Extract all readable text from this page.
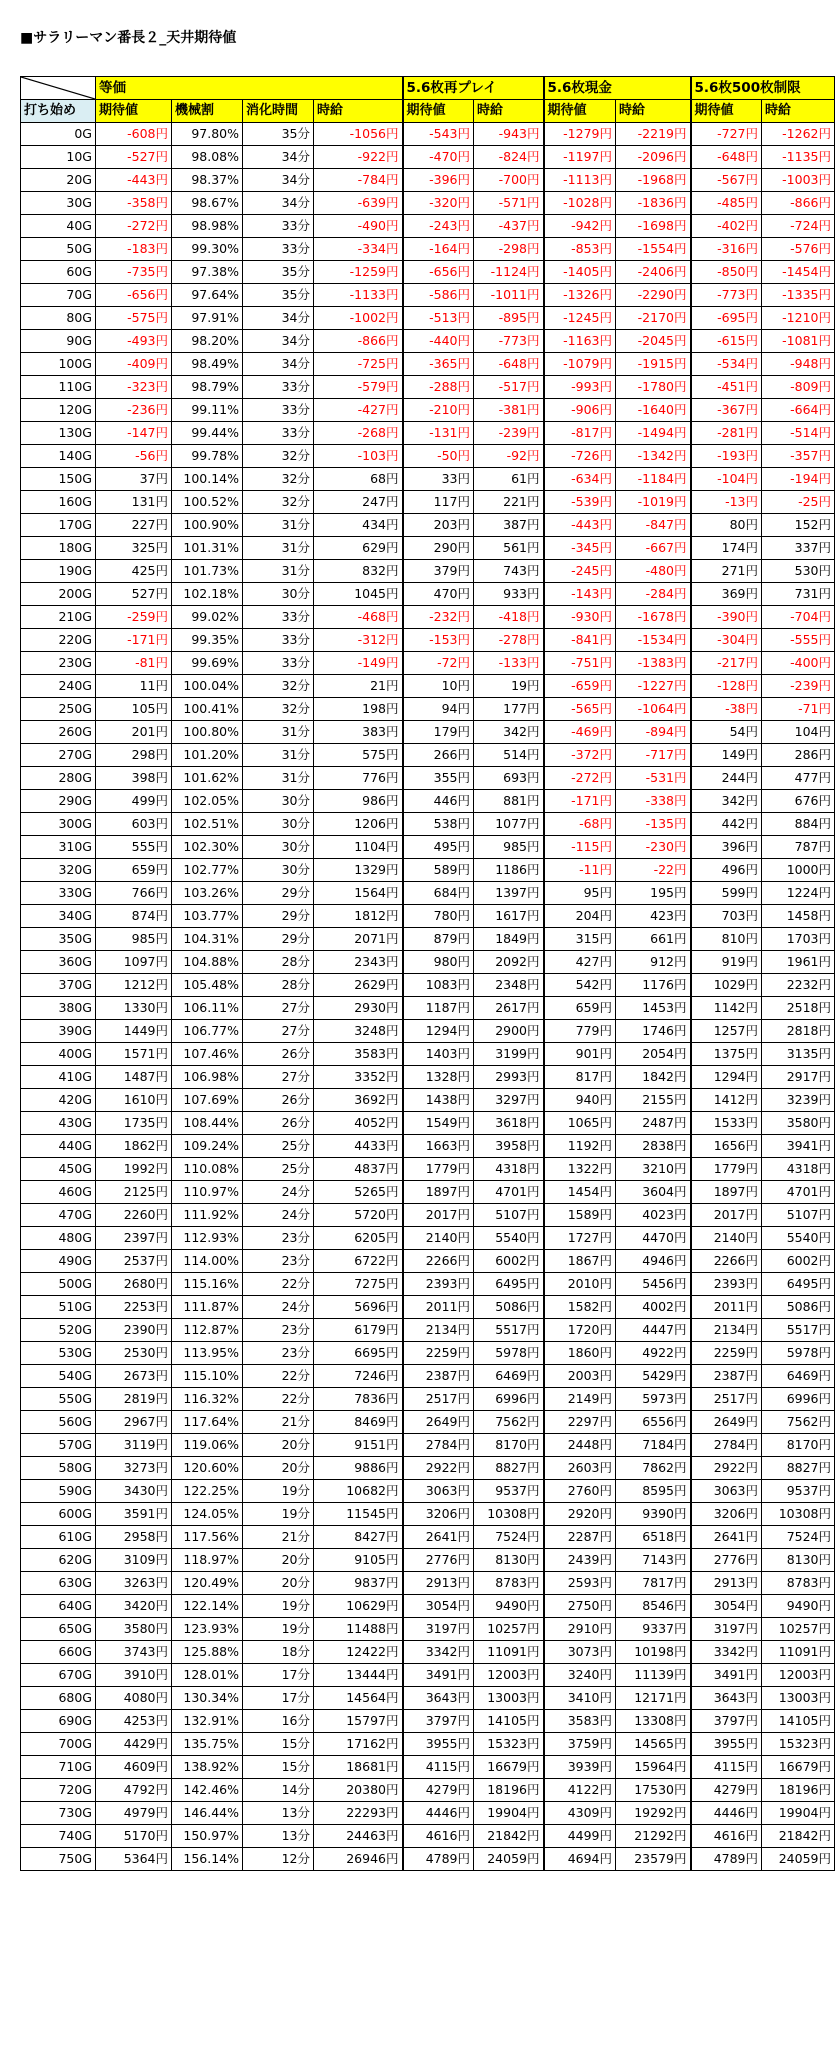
■サラリーマン番長２_天井期待値
	等価				5.6枚再プレイ		5.6枚現金		5.6枚500枚制限	
打ち始め	期待値	機械割	消化時間	時給	期待値	時給	期待値	時給	期待値	時給
0G	-608円	97.80%	35分	-1056円	-543円	-943円	-1279円	-2219円	-727円	-1262円
10G	-527円	98.08%	34分	-922円	-470円	-824円	-1197円	-2096円	-648円	-1135円
20G	-443円	98.37%	34分	-784円	-396円	-700円	-1113円	-1968円	-567円	-1003円
30G	-358円	98.67%	34分	-639円	-320円	-571円	-1028円	-1836円	-485円	-866円
40G	-272円	98.98%	33分	-490円	-243円	-437円	-942円	-1698円	-402円	-724円
50G	-183円	99.30%	33分	-334円	-164円	-298円	-853円	-1554円	-316円	-576円
60G	-735円	97.38%	35分	-1259円	-656円	-1124円	-1405円	-2406円	-850円	-1454円
70G	-656円	97.64%	35分	-1133円	-586円	-1011円	-1326円	-2290円	-773円	-1335円
80G	-575円	97.91%	34分	-1002円	-513円	-895円	-1245円	-2170円	-695円	-1210円
90G	-493円	98.20%	34分	-866円	-440円	-773円	-1163円	-2045円	-615円	-1081円
100G	-409円	98.49%	34分	-725円	-365円	-648円	-1079円	-1915円	-534円	-948円
110G	-323円	98.79%	33分	-579円	-288円	-517円	-993円	-1780円	-451円	-809円
120G	-236円	99.11%	33分	-427円	-210円	-381円	-906円	-1640円	-367円	-664円
130G	-147円	99.44%	33分	-268円	-131円	-239円	-817円	-1494円	-281円	-514円
140G	-56円	99.78%	32分	-103円	-50円	-92円	-726円	-1342円	-193円	-357円
150G	37円	100.14%	32分	68円	33円	61円	-634円	-1184円	-104円	-194円
160G	131円	100.52%	32分	247円	117円	221円	-539円	-1019円	-13円	-25円
170G	227円	100.90%	31分	434円	203円	387円	-443円	-847円	80円	152円
180G	325円	101.31%	31分	629円	290円	561円	-345円	-667円	174円	337円
190G	425円	101.73%	31分	832円	379円	743円	-245円	-480円	271円	530円
200G	527円	102.18%	30分	1045円	470円	933円	-143円	-284円	369円	731円
210G	-259円	99.02%	33分	-468円	-232円	-418円	-930円	-1678円	-390円	-704円
220G	-171円	99.35%	33分	-312円	-153円	-278円	-841円	-1534円	-304円	-555円
230G	-81円	99.69%	33分	-149円	-72円	-133円	-751円	-1383円	-217円	-400円
240G	11円	100.04%	32分	21円	10円	19円	-659円	-1227円	-128円	-239円
250G	105円	100.41%	32分	198円	94円	177円	-565円	-1064円	-38円	-71円
260G	201円	100.80%	31分	383円	179円	342円	-469円	-894円	54円	104円
270G	298円	101.20%	31分	575円	266円	514円	-372円	-717円	149円	286円
280G	398円	101.62%	31分	776円	355円	693円	-272円	-531円	244円	477円
290G	499円	102.05%	30分	986円	446円	881円	-171円	-338円	342円	676円
300G	603円	102.51%	30分	1206円	538円	1077円	-68円	-135円	442円	884円
310G	555円	102.30%	30分	1104円	495円	985円	-115円	-230円	396円	787円
320G	659円	102.77%	30分	1329円	589円	1186円	-11円	-22円	496円	1000円
330G	766円	103.26%	29分	1564円	684円	1397円	95円	195円	599円	1224円
340G	874円	103.77%	29分	1812円	780円	1617円	204円	423円	703円	1458円
350G	985円	104.31%	29分	2071円	879円	1849円	315円	661円	810円	1703円
360G	1097円	104.88%	28分	2343円	980円	2092円	427円	912円	919円	1961円
370G	1212円	105.48%	28分	2629円	1083円	2348円	542円	1176円	1029円	2232円
380G	1330円	106.11%	27分	2930円	1187円	2617円	659円	1453円	1142円	2518円
390G	1449円	106.77%	27分	3248円	1294円	2900円	779円	1746円	1257円	2818円
400G	1571円	107.46%	26分	3583円	1403円	3199円	901円	2054円	1375円	3135円
410G	1487円	106.98%	27分	3352円	1328円	2993円	817円	1842円	1294円	2917円
420G	1610円	107.69%	26分	3692円	1438円	3297円	940円	2155円	1412円	3239円
430G	1735円	108.44%	26分	4052円	1549円	3618円	1065円	2487円	1533円	3580円
440G	1862円	109.24%	25分	4433円	1663円	3958円	1192円	2838円	1656円	3941円
450G	1992円	110.08%	25分	4837円	1779円	4318円	1322円	3210円	1779円	4318円
460G	2125円	110.97%	24分	5265円	1897円	4701円	1454円	3604円	1897円	4701円
470G	2260円	111.92%	24分	5720円	2017円	5107円	1589円	4023円	2017円	5107円
480G	2397円	112.93%	23分	6205円	2140円	5540円	1727円	4470円	2140円	5540円
490G	2537円	114.00%	23分	6722円	2266円	6002円	1867円	4946円	2266円	6002円
500G	2680円	115.16%	22分	7275円	2393円	6495円	2010円	5456円	2393円	6495円
510G	2253円	111.87%	24分	5696円	2011円	5086円	1582円	4002円	2011円	5086円
520G	2390円	112.87%	23分	6179円	2134円	5517円	1720円	4447円	2134円	5517円
530G	2530円	113.95%	23分	6695円	2259円	5978円	1860円	4922円	2259円	5978円
540G	2673円	115.10%	22分	7246円	2387円	6469円	2003円	5429円	2387円	6469円
550G	2819円	116.32%	22分	7836円	2517円	6996円	2149円	5973円	2517円	6996円
560G	2967円	117.64%	21分	8469円	2649円	7562円	2297円	6556円	2649円	7562円
570G	3119円	119.06%	20分	9151円	2784円	8170円	2448円	7184円	2784円	8170円
580G	3273円	120.60%	20分	9886円	2922円	8827円	2603円	7862円	2922円	8827円
590G	3430円	122.25%	19分	10682円	3063円	9537円	2760円	8595円	3063円	9537円
600G	3591円	124.05%	19分	11545円	3206円	10308円	2920円	9390円	3206円	10308円
610G	2958円	117.56%	21分	8427円	2641円	7524円	2287円	6518円	2641円	7524円
620G	3109円	118.97%	20分	9105円	2776円	8130円	2439円	7143円	2776円	8130円
630G	3263円	120.49%	20分	9837円	2913円	8783円	2593円	7817円	2913円	8783円
640G	3420円	122.14%	19分	10629円	3054円	9490円	2750円	8546円	3054円	9490円
650G	3580円	123.93%	19分	11488円	3197円	10257円	2910円	9337円	3197円	10257円
660G	3743円	125.88%	18分	12422円	3342円	11091円	3073円	10198円	3342円	11091円
670G	3910円	128.01%	17分	13444円	3491円	12003円	3240円	11139円	3491円	12003円
680G	4080円	130.34%	17分	14564円	3643円	13003円	3410円	12171円	3643円	13003円
690G	4253円	132.91%	16分	15797円	3797円	14105円	3583円	13308円	3797円	14105円
700G	4429円	135.75%	15分	17162円	3955円	15323円	3759円	14565円	3955円	15323円
710G	4609円	138.92%	15分	18681円	4115円	16679円	3939円	15964円	4115円	16679円
720G	4792円	142.46%	14分	20380円	4279円	18196円	4122円	17530円	4279円	18196円
730G	4979円	146.44%	13分	22293円	4446円	19904円	4309円	19292円	4446円	19904円
740G	5170円	150.97%	13分	24463円	4616円	21842円	4499円	21292円	4616円	21842円
750G	5364円	156.14%	12分	26946円	4789円	24059円	4694円	23579円	4789円	24059円
